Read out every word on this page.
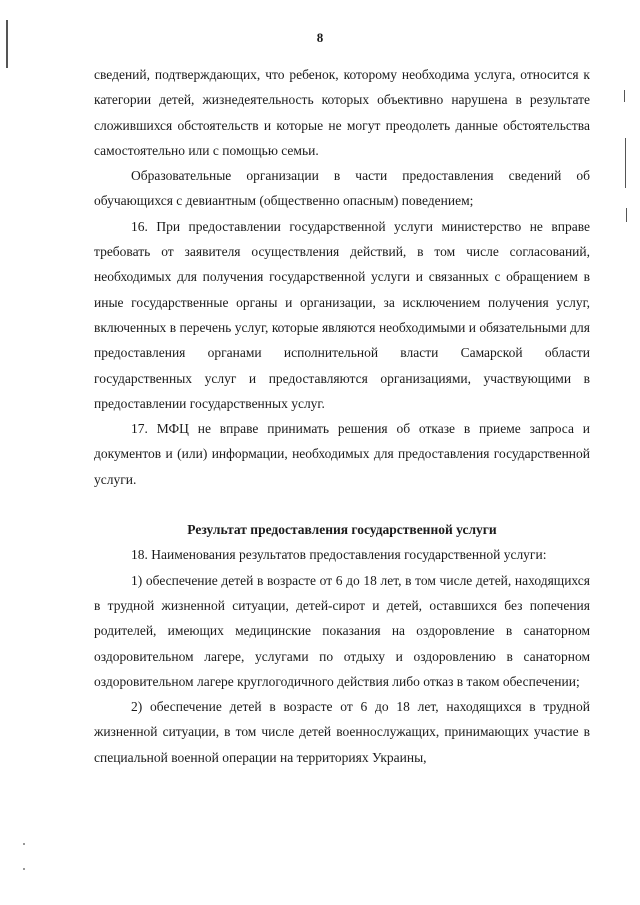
8

сведений, подтверждающих, что ребенок, которому необходима услуга, относится к категории детей, жизнедеятельность которых объективно нарушена в результате сложившихся обстоятельств и которые не могут преодолеть данные обстоятельства самостоятельно или с помощью семьи.

Образовательные организации в части предоставления сведений об обучающихся с девиантным (общественно опасным) поведением;

16. При предоставлении государственной услуги министерство не вправе требовать от заявителя осуществления действий, в том числе согласований, необходимых для получения государственной услуги и связанных с обращением в иные государственные органы и организации, за исключением получения услуг, включенных в перечень услуг, которые являются необходимыми и обязательными для предоставления органами исполнительной власти Самарской области государственных услуг и предоставляются организациями, участвующими в предоставлении государственных услуг.

17. МФЦ не вправе принимать решения об отказе в приеме запроса и документов и (или) информации, необходимых для предоставления государственной услуги.

Результат предоставления государственной услуги

18. Наименования результатов предоставления государственной услуги:

1) обеспечение детей в возрасте от 6 до 18 лет, в том числе детей, находящихся в трудной жизненной ситуации, детей-сирот и детей, оставшихся без попечения родителей, имеющих медицинские показания на оздоровление в санаторном оздоровительном лагере, услугами по отдыху и оздоровлению в санаторном оздоровительном лагере круглогодичного действия либо отказ в таком обеспечении;

2) обеспечение детей в возрасте от 6 до 18 лет, находящихся в трудной жизненной ситуации, в том числе детей военнослужащих, принимающих участие в специальной военной операции на территориях Украины,
